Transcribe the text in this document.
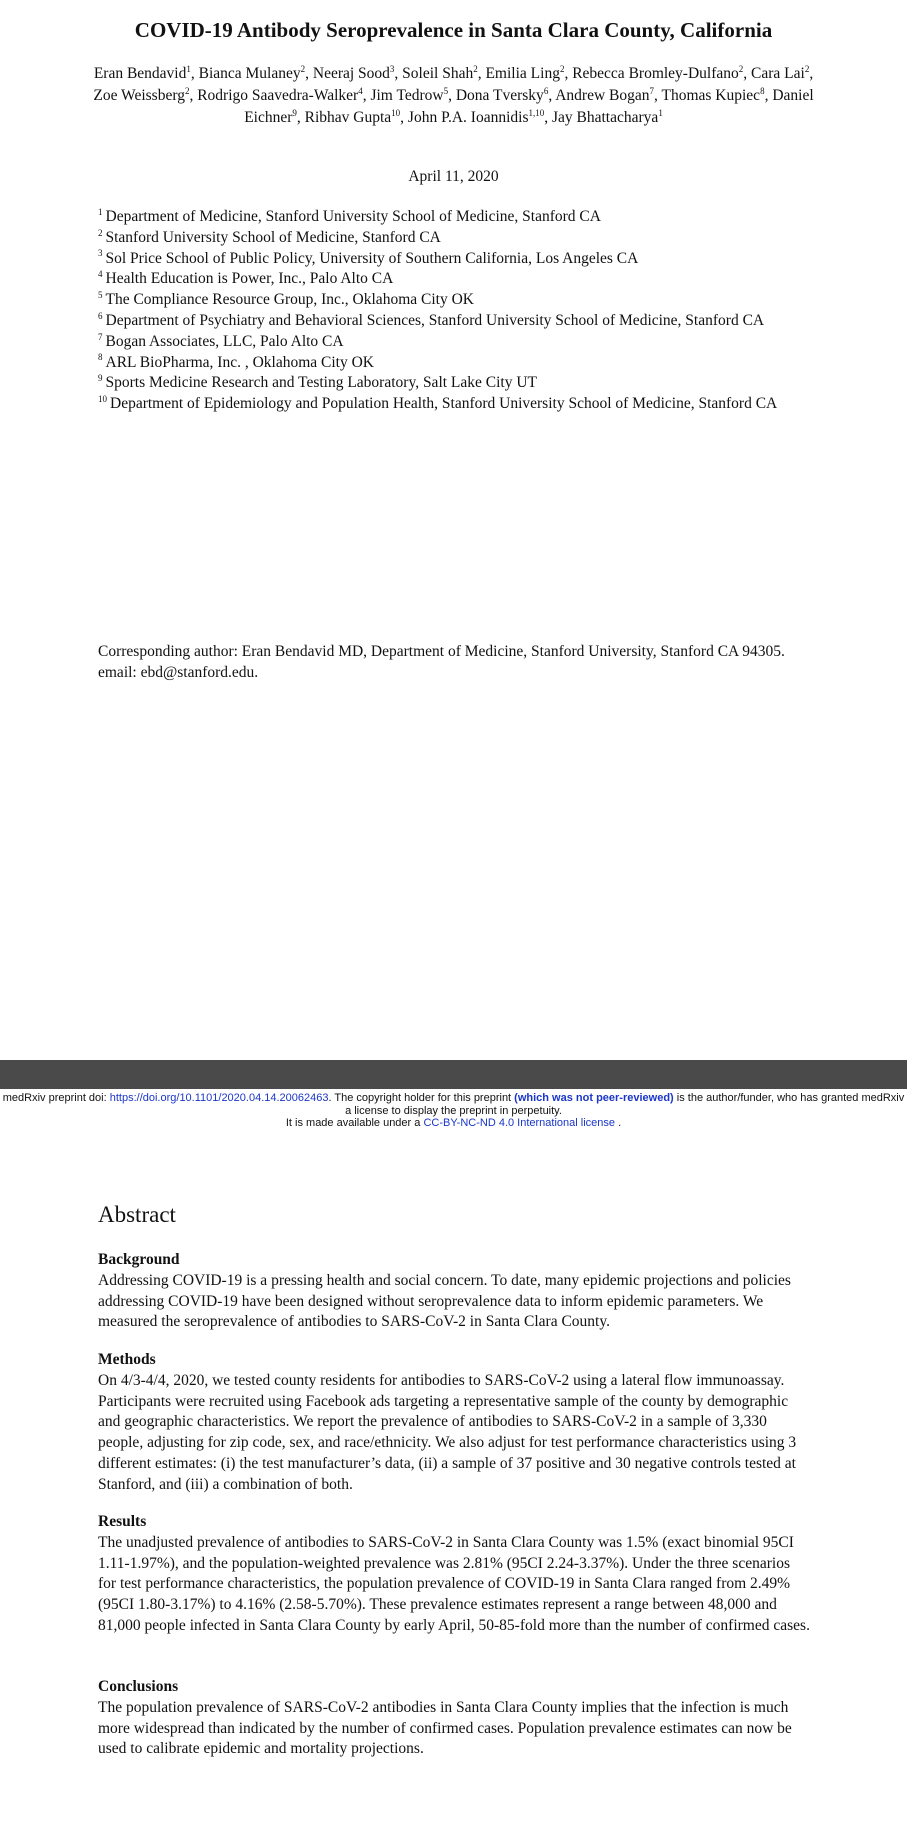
COVID-19 Antibody Seroprevalence in Santa Clara County, California
Eran Bendavid$^1$, Bianca Mulaney$^2$, Neeraj Sood$^3$, Soleil Shah$^2$, Emilia Ling$^2$, Rebecca Bromley-Dulfano$^2$, Cara Lai$^2$, Zoe Weissberg$^2$, Rodrigo Saavedra-Walker$^4$, Jim Tedrow$^5$, Dona Tversky$^6$, Andrew Bogan$^7$, Thomas Kupiec$^8$, Daniel Eichner$^9$, Ribhav Gupta$^{10}$, John P.A. Ioannidis$^{1,10}$, Jay Bhattacharya$^1$
April 11, 2020
$^1$ Department of Medicine, Stanford University School of Medicine, Stanford CA
$^2$ Stanford University School of Medicine, Stanford CA
$^3$ Sol Price School of Public Policy, University of Southern California, Los Angeles CA
$^4$ Health Education is Power, Inc., Palo Alto CA
$^5$ The Compliance Resource Group, Inc., Oklahoma City OK
$^6$ Department of Psychiatry and Behavioral Sciences, Stanford University School of Medicine, Stanford CA
$^7$ Bogan Associates, LLC, Palo Alto CA
$^8$ ARL BioPharma, Inc. , Oklahoma City OK
$^9$ Sports Medicine Research and Testing Laboratory, Salt Lake City UT
$^{10}$ Department of Epidemiology and Population Health, Stanford University School of Medicine, Stanford CA
Corresponding author: Eran Bendavid MD, Department of Medicine, Stanford University, Stanford CA 94305. email: ebd@stanford.edu.
medRxiv preprint doi: https://doi.org/10.1101/2020.04.14.20062463. The copyright holder for this preprint (which was not peer-reviewed) is the author/funder, who has granted medRxiv a license to display the preprint in perpetuity.
It is made available under a CC-BY-NC-ND 4.0 International license .
Abstract
Background
Addressing COVID-19 is a pressing health and social concern. To date, many epidemic projections and policies addressing COVID-19 have been designed without seroprevalence data to inform epidemic parameters. We measured the seroprevalence of antibodies to SARS-CoV-2 in Santa Clara County.
Methods
On 4/3-4/4, 2020, we tested county residents for antibodies to SARS-CoV-2 using a lateral flow immunoassay. Participants were recruited using Facebook ads targeting a representative sample of the county by demographic and geographic characteristics. We report the prevalence of antibodies to SARS-CoV-2 in a sample of 3,330 people, adjusting for zip code, sex, and race/ethnicity. We also adjust for test performance characteristics using 3 different estimates: (i) the test manufacturer’s data, (ii) a sample of 37 positive and 30 negative controls tested at Stanford, and (iii) a combination of both.
Results
The unadjusted prevalence of antibodies to SARS-CoV-2 in Santa Clara County was 1.5% (exact binomial 95CI 1.11-1.97%), and the population-weighted prevalence was 2.81% (95CI 2.24-3.37%). Under the three scenarios for test performance characteristics, the population prevalence of COVID-19 in Santa Clara ranged from 2.49% (95CI 1.80-3.17%) to 4.16% (2.58-5.70%). These prevalence estimates represent a range between 48,000 and 81,000 people infected in Santa Clara County by early April, 50-85-fold more than the number of confirmed cases.
Conclusions
The population prevalence of SARS-CoV-2 antibodies in Santa Clara County implies that the infection is much more widespread than indicated by the number of confirmed cases. Population prevalence estimates can now be used to calibrate epidemic and mortality projections.
